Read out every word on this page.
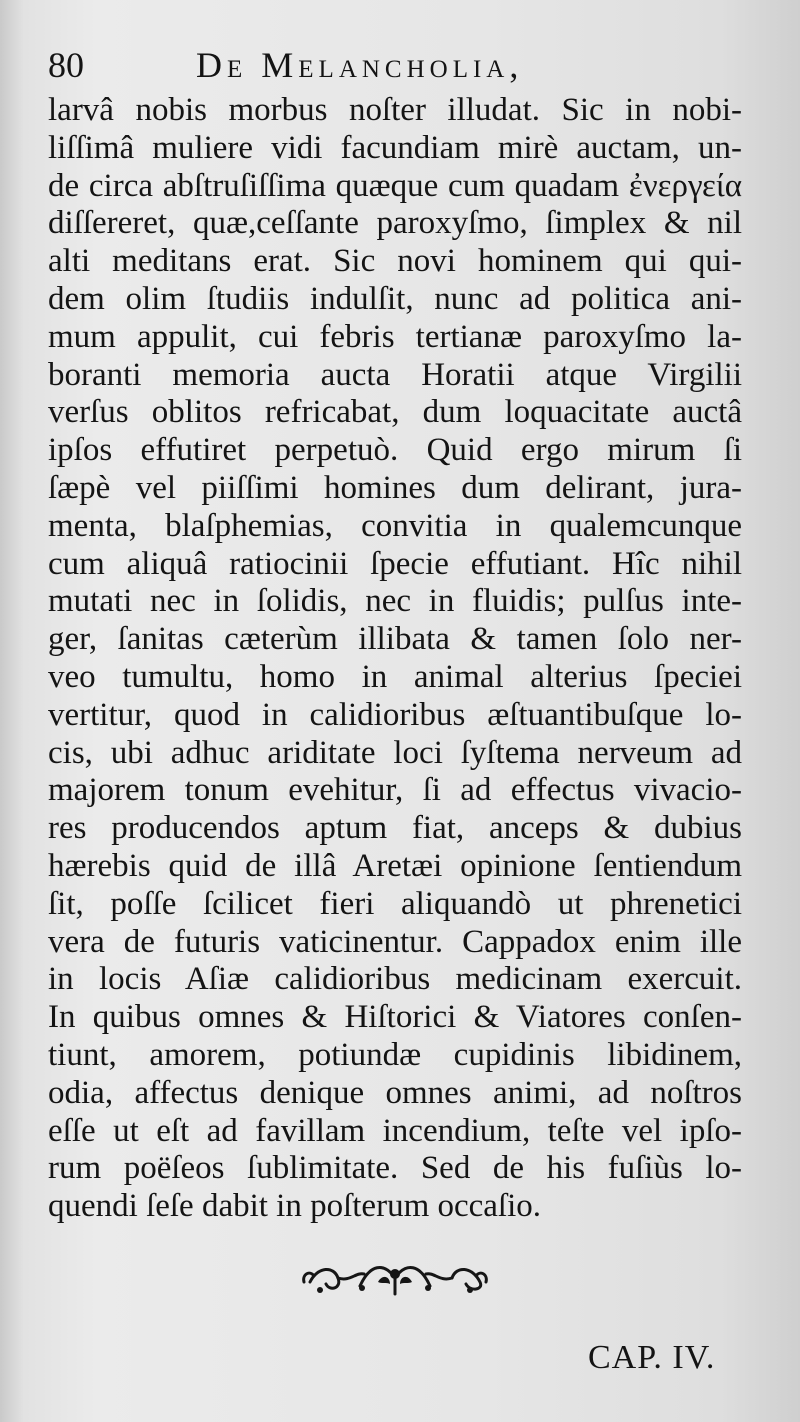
80	De Melancholia,
larvâ nobis morbus noſter illudat. Sic in nobi-
liſſimâ muliere vidi facundiam mirè auctam, un-
de circa abſtruſiſſima quæque cum quadam ἐνεργεία
diſſereret, quæ,ceſſante paroxyſmo, ſimplex & nil
alti meditans erat. Sic novi hominem qui qui-
dem olim ſtudiis indulſit, nunc ad politica ani-
mum appulit, cui febris tertianæ paroxyſmo la-
boranti memoria aucta Horatii atque Virgilii
verſus oblitos refricabat, dum loquacitate auctâ
ipſos effutiret perpetuò. Quid ergo mirum ſi
ſæpè vel piiſſimi homines dum delirant, jura-
menta, blaſphemias, convitia in qualemcunque
cum aliquâ ratiocinii ſpecie effutiant. Hîc nihil
mutati nec in ſolidis, nec in fluidis; pulſus inte-
ger, ſanitas cæterùm illibata & tamen ſolo ner-
veo tumultu, homo in animal alterius ſpeciei
vertitur, quod in calidioribus æſtuantibuſque lo-
cis, ubi adhuc ariditate loci ſyſtema nerveum ad
majorem tonum evehitur, ſi ad effectus vivacio-
res producendos aptum fiat, anceps & dubius
hærebis quid de illâ Aretæi opinione ſentiendum
ſit, poſſe ſcilicet fieri aliquandò ut phrenetici
vera de futuris vaticinentur. Cappadox enim ille
in locis Aſiæ calidioribus medicinam exercuit.
In quibus omnes & Hiſtorici & Viatores conſen-
tiunt, amorem, potiundæ cupidinis libidinem,
odia, affectus denique omnes animi, ad noſtros
eſſe ut eſt ad favillam incendium, teſte vel ipſo-
rum poëſeos ſublimitate. Sed de his fuſiùs lo-
quendi ſeſe dabit in poſterum occaſio.
CAP. IV.
